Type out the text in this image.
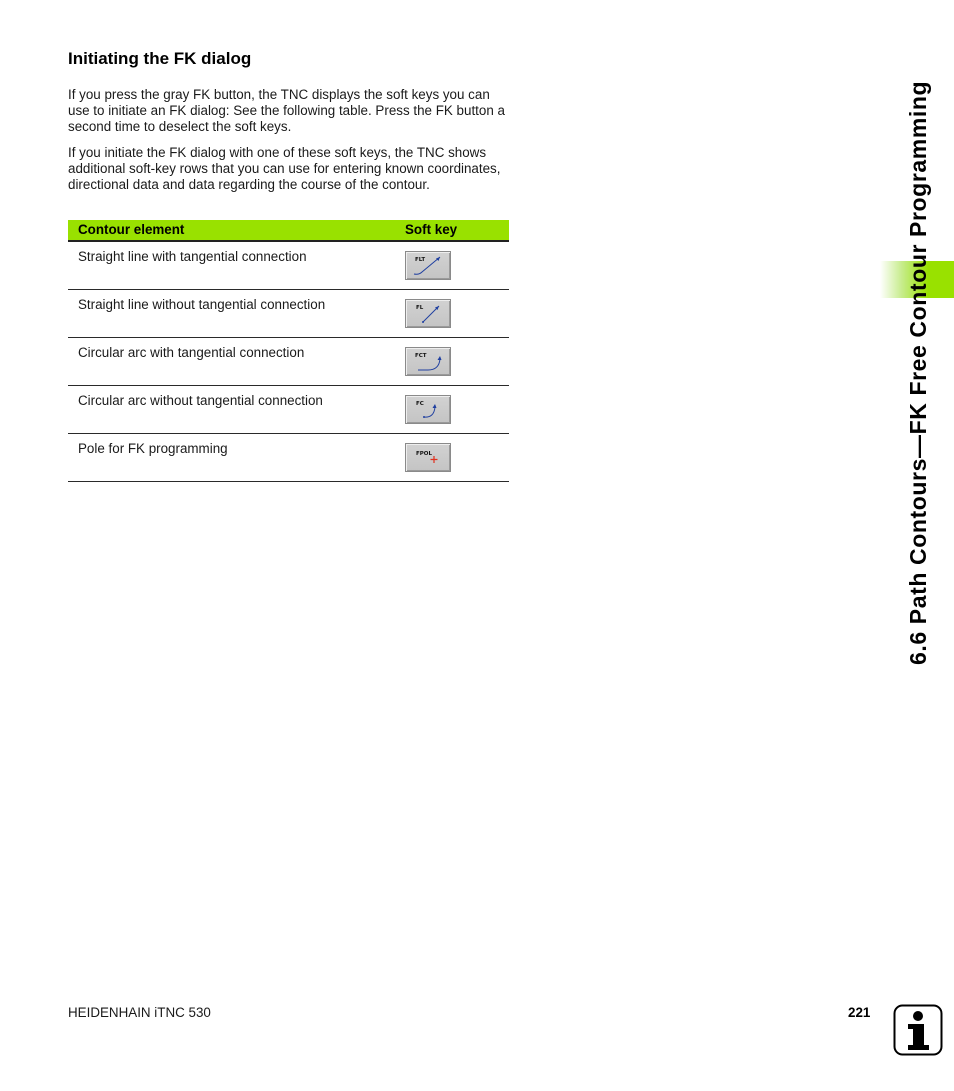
Initiating the FK dialog

If you press the gray FK button, the TNC displays the soft keys you can use to initiate an FK dialog: See the following table. Press the FK button a second time to deselect the soft keys.

If you initiate the FK dialog with one of these soft keys, the TNC shows additional soft-key rows that you can use for entering known coordinates, directional data and data regarding the course of the contour.

Contour element	Soft key
Straight line with tangential connection	FLT
Straight line without tangential connection	FL
Circular arc with tangential connection	FCT
Circular arc without tangential connection	FC
Pole for FK programming	FPOL	6.6 Path Contours—FK Free Contour Programming
HEIDENHAIN iTNC 530	221
